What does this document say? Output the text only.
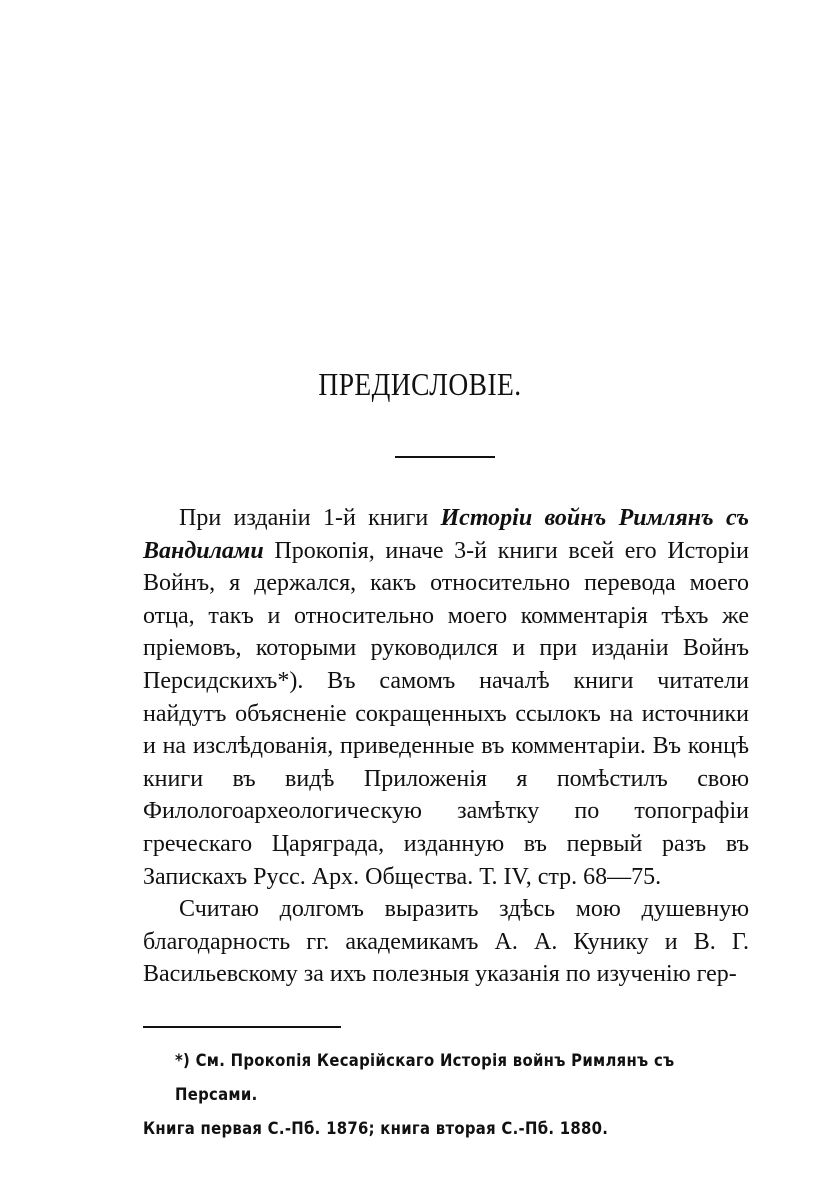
ПРЕДИСЛОВІЕ.

При изданіи 1-й книги Исторіи войнъ Римлянъ съ Вандилами Прокопія, иначе 3-й книги всей его Исторіи Войнъ, я держался, какъ относительно перевода моего отца, такъ и относительно моего комментарія тѣхъ же пріемовъ, которыми руководился и при изданіи Войнъ Персидскихъ*). Въ самомъ началѣ книги читатели найдутъ объясненіе сокращенныхъ ссылокъ на источники и на изслѣдованія, приведенные въ комментаріи. Въ концѣ книги въ видѣ Приложенія я помѣстилъ свою Филологоархеологическую замѣтку по топографіи греческаго Царяграда, изданную въ первый разъ въ Запискахъ Русс. Арх. Общества. Т. IV, стр. 68—75.

Считаю долгомъ выразить здѣсь мою душевную благодарность гг. академикамъ А. А. Кунику и В. Г. Васильевскому за ихъ полезныя указанія по изученію гер-

*) См. Прокопія Кесарійскаго Исторія войнъ Римлянъ съ Персами.
Книга первая С.-Пб. 1876; книга вторая С.-Пб. 1880.
